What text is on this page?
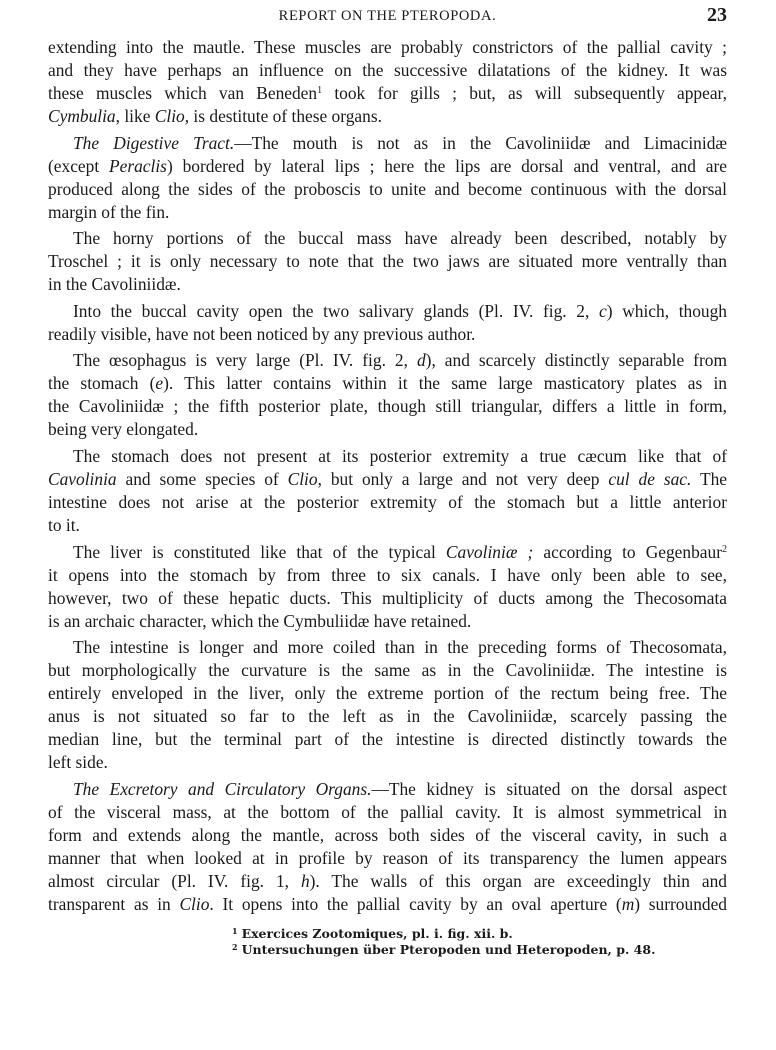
REPORT ON THE PTEROPODA.	23
extending into the mautle. These muscles are probably constrictors of the pallial cavity ;
and they have perhaps an influence on the successive dilatations of the kidney. It was
these muscles which van Beneden$^1$ took for gills ; but, as will subsequently appear,
Cymbulia, like Clio, is destitute of these organs.
The Digestive Tract.—The mouth is not as in the Cavoliniidæ and Limacinidæ
(except Peraclis) bordered by lateral lips ; here the lips are dorsal and ventral, and are
produced along the sides of the proboscis to unite and become continuous with the dorsal
margin of the fin.
The horny portions of the buccal mass have already been described, notably by
Troschel ; it is only necessary to note that the two jaws are situated more ventrally than
in the Cavoliniidæ.
Into the buccal cavity open the two salivary glands (Pl. IV. fig. 2, c) which, though
readily visible, have not been noticed by any previous author.
The œsophagus is very large (Pl. IV. fig. 2, d), and scarcely distinctly separable from
the stomach (e). This latter contains within it the same large masticatory plates as in
the Cavoliniidæ ; the fifth posterior plate, though still triangular, differs a little in form,
being very elongated.
The stomach does not present at its posterior extremity a true cæcum like that of
Cavolinia and some species of Clio, but only a large and not very deep cul de sac. The
intestine does not arise at the posterior extremity of the stomach but a little anterior
to it.
The liver is constituted like that of the typical Cavoliniæ ; according to Gegenbaur$^2$
it opens into the stomach by from three to six canals. I have only been able to see,
however, two of these hepatic ducts. This multiplicity of ducts among the Thecosomata
is an archaic character, which the Cymbuliidæ have retained.
The intestine is longer and more coiled than in the preceding forms of Thecosomata,
but morphologically the curvature is the same as in the Cavoliniidæ. The intestine is
entirely enveloped in the liver, only the extreme portion of the rectum being free. The
anus is not situated so far to the left as in the Cavoliniidæ, scarcely passing the
median line, but the terminal part of the intestine is directed distinctly towards the
left side.
The Excretory and Circulatory Organs.—The kidney is situated on the dorsal aspect
of the visceral mass, at the bottom of the pallial cavity. It is almost symmetrical in
form and extends along the mantle, across both sides of the visceral cavity, in such a
manner that when looked at in profile by reason of its transparency the lumen appears
almost circular (Pl. IV. fig. 1, h). The walls of this organ are exceedingly thin and
transparent as in Clio. It opens into the pallial cavity by an oval aperture (m) surrounded
$^1$ Exercices Zootomiques, pl. i. fig. xii. b.
$^2$ Untersuchungen über Pteropoden und Heteropoden, p. 48.
